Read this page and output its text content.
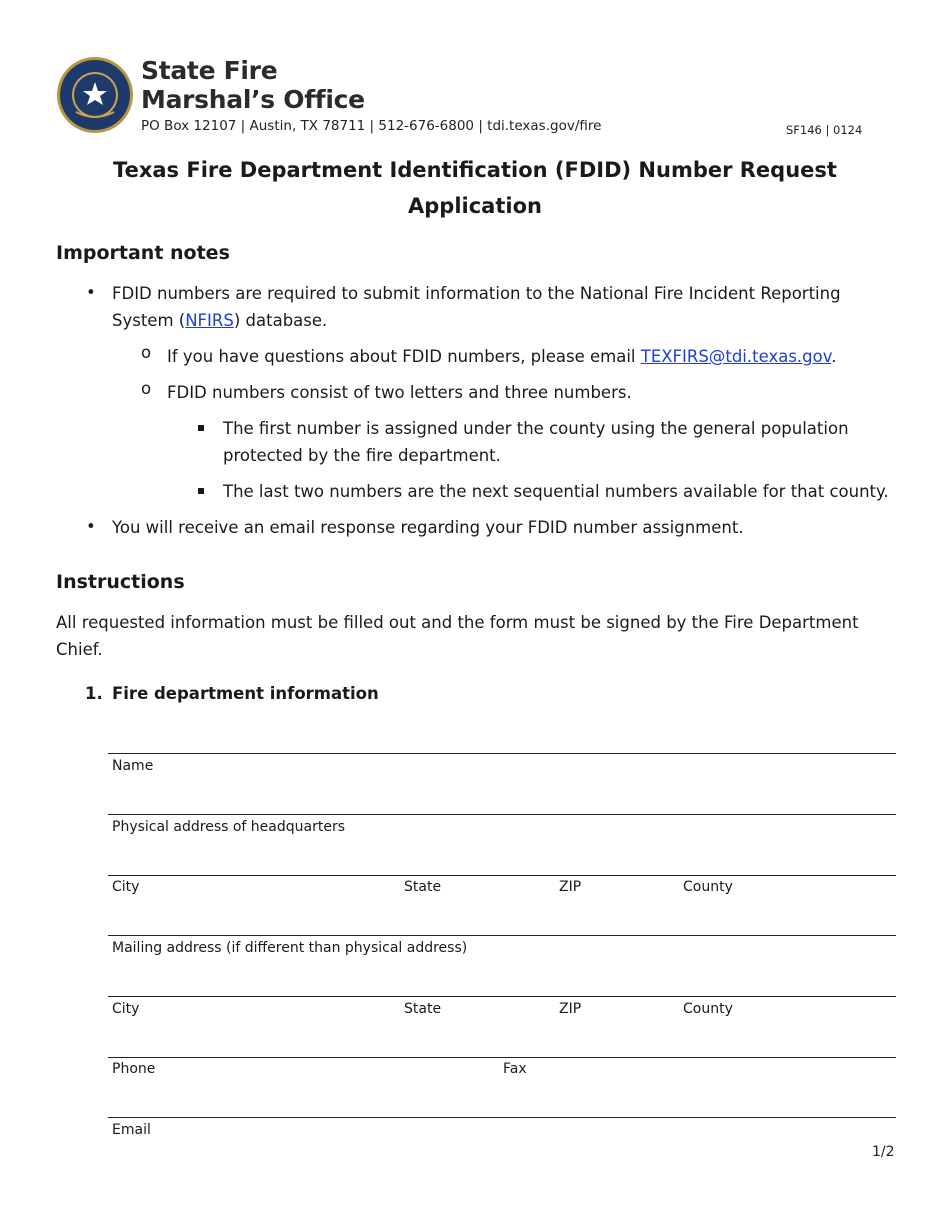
State Fire
Marshal’s Office
PO Box 12107 | Austin, TX 78711 | 512-676-6800 | tdi.texas.gov/fire	SF146 | 0124
Texas Fire Department Identification (FDID) Number Request
Application
Important notes
• FDID numbers are required to submit information to the National Fire Incident Reporting
System (NFIRS) database.
o If you have questions about FDID numbers, please email TEXFIRS@tdi.texas.gov.
o FDID numbers consist of two letters and three numbers.
The first number is assigned under the county using the general population
protected by the fire department.
The last two numbers are the next sequential numbers available for that county.
• You will receive an email response regarding your FDID number assignment.
Instructions
All requested information must be filled out and the form must be signed by the Fire Department
Chief.
1. Fire department information
Name
Physical address of headquarters
City	State	ZIP	County
Mailing address (if different than physical address)
City	State	ZIP	County
Phone	Fax
Email
1/2
